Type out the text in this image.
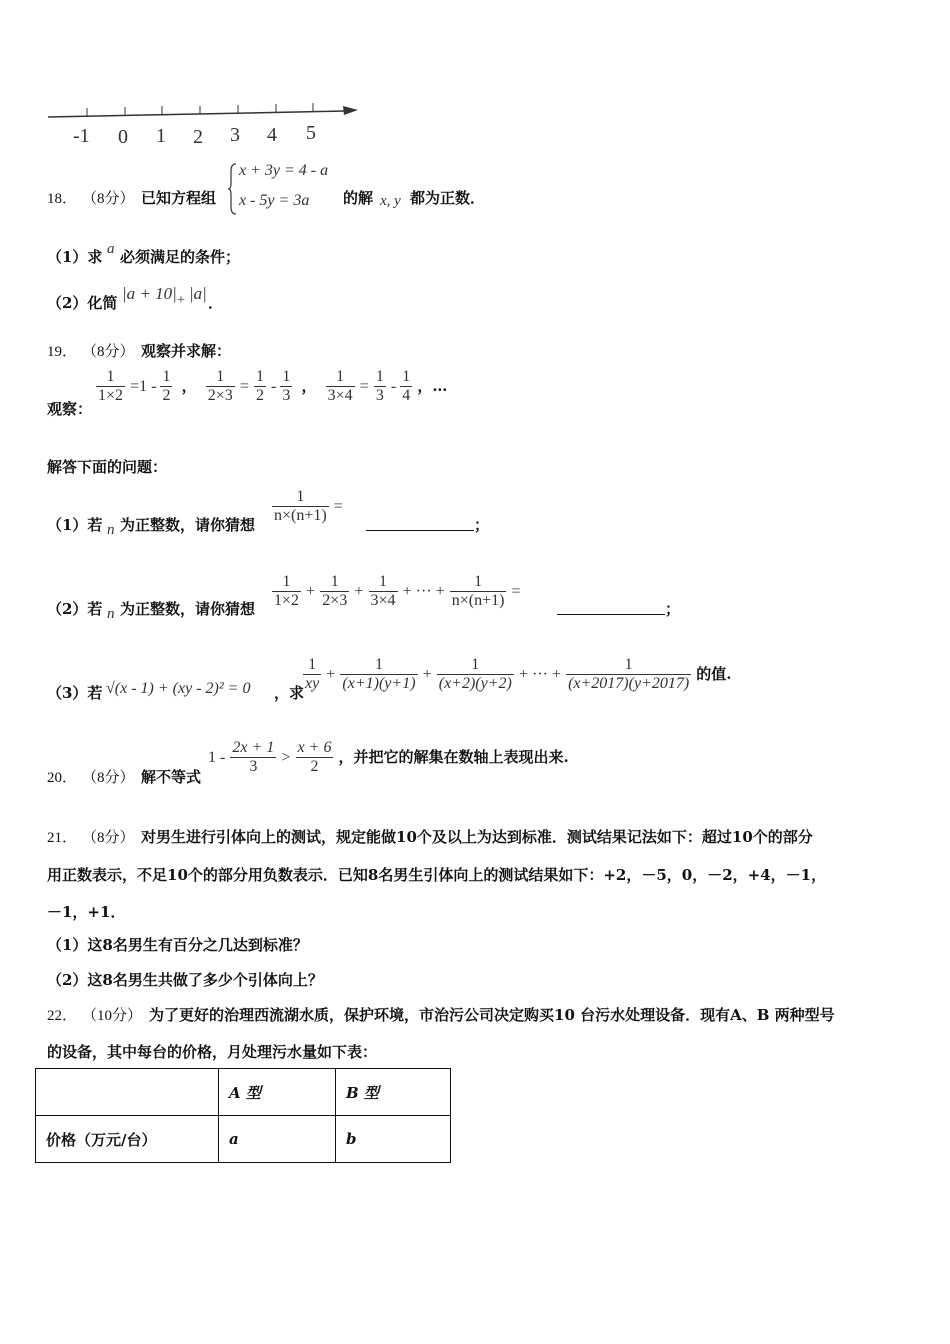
-1 0 1 2 3 4 5
18． （8分） 已知方程组
x + 3y = 4 - a
x - 5y = 3a 的解 x, y 都为正数．
（1）求 a 必须满足的条件；
（2）化简 |a + 10| + |a| ．
19． （8分） 观察并求解：
观察：
$\frac{1}{1\times 2} =1 - \frac{1}{2}$ ， $\frac{1}{2\times 3} = \frac{1}{2} - \frac{1}{3}$ ， $\frac{1}{3\times 4} = \frac{1}{3} - \frac{1}{4}$ ，…
解答下面的问题：
（1）若 n 为正整数，请你猜想 $\frac{1}{n\times(n+1)}$ =
；
（2）若 n 为正整数，请你猜想 $\frac{1}{1\times 2} + \frac{1}{2\times 3} + \frac{1}{3\times 4}$ + ··· + $\frac{1}{n\times(n+1)}$ =
；
（3）若 √(x - 1) + (xy - 2)² = 0 ，求
$\frac{1}{xy} + \frac{1}{(x+1)(y+1)} + \frac{1}{(x+2)(y+2)}$ + ··· + $\frac{1}{(x+2017)(y+2017)}$ 的值.
20． （8分） 解不等式
$1 - \frac{2x + 1}{3} > \frac{x + 6}{2}$ ，并把它的解集在数轴上表现出来.
21． （8分） 对男生进行引体向上的测试，规定能做10个及以上为达到标准．测试结果记法如下：超过10个的部分
用正数表示，不足10个的部分用负数表示．已知8名男生引体向上的测试结果如下：+2，－5，0，－2，+4，－1，
－1，+1．
（1）这8名男生有百分之几达到标准？
（2）这8名男生共做了多少个引体向上？
22． （10分） 为了更好的治理西流湖水质，保护环境，市治污公司决定购买10 台污水处理设备．现有A、B 两种型号
的设备，其中每台的价格，月处理污水量如下表：
	A 型	B 型
价格（万元/台）	a	b
